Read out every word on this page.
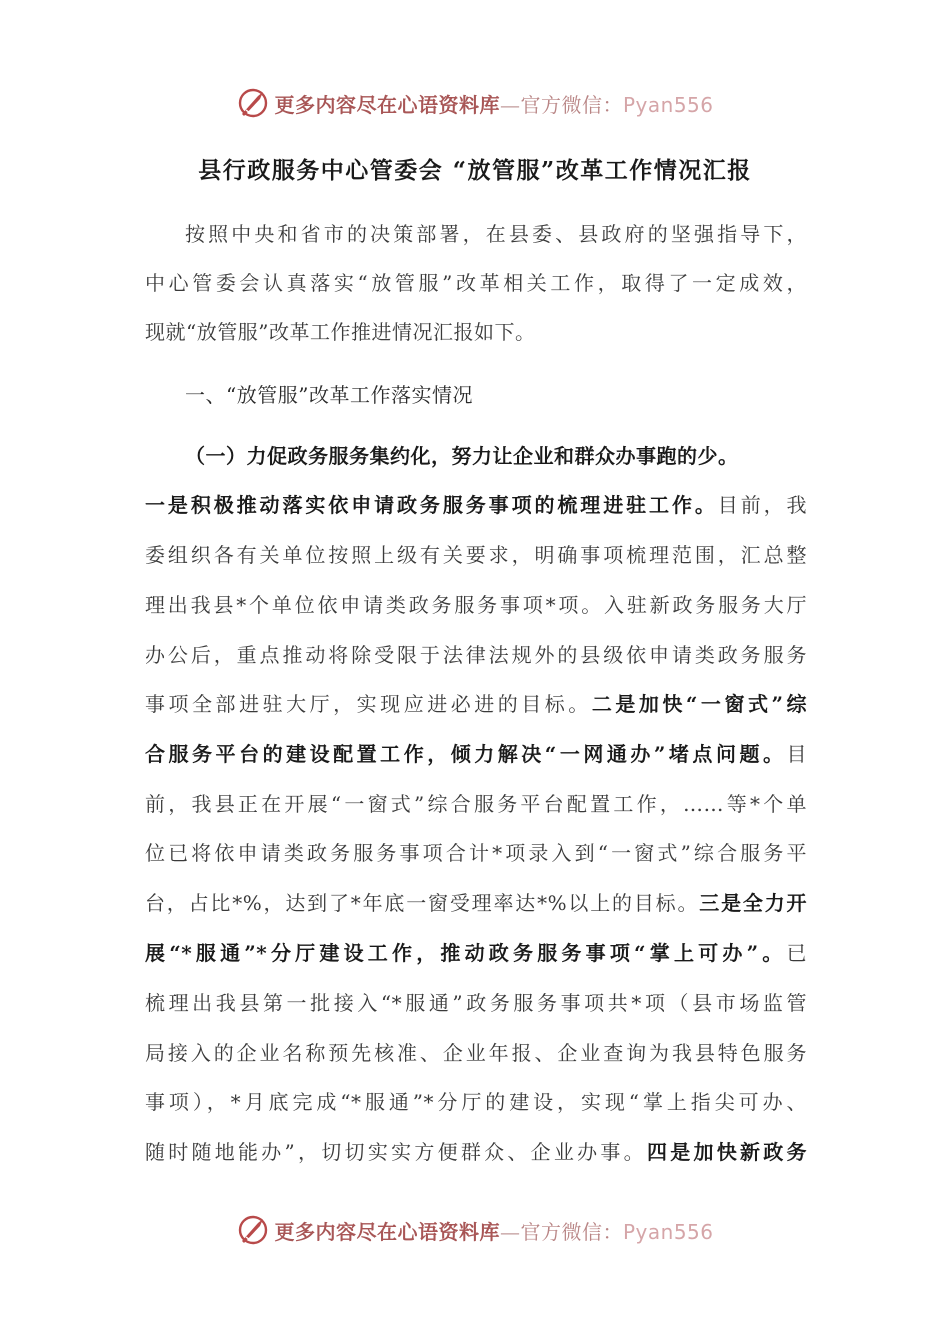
更多内容尽在心语资料库—官方微信：Pyan556
县行政服务中心管委会 “放管服”改革工作情况汇报
按照中央和省市的决策部署，在县委、县政府的坚强指导下，
中心管委会认真落实“放管服”改革相关工作，取得了一定成效，
现就“放管服”改革工作推进情况汇报如下。
一、“放管服”改革工作落实情况
（一）力促政务服务集约化，努力让企业和群众办事跑的少。
一是积极推动落实依申请政务服务事项的梳理进驻工作。目前，我
委组织各有关单位按照上级有关要求，明确事项梳理范围，汇总整
理出我县*个单位依申请类政务服务事项*项。入驻新政务服务大厅
办公后，重点推动将除受限于法律法规外的县级依申请类政务服务
事项全部进驻大厅，实现应进必进的目标。二是加快“一窗式”综
合服务平台的建设配置工作，倾力解决“一网通办”堵点问题。目
前，我县正在开展“一窗式”综合服务平台配置工作，……等*个单
位已将依申请类政务服务事项合计*项录入到“一窗式”综合服务平
台，占比*%，达到了*年底一窗受理率达*%以上的目标。三是全力开
展“*服通”*分厅建设工作，推动政务服务事项“掌上可办”。已
梳理出我县第一批接入“*服通”政务服务事项共*项（县市场监管
局接入的企业名称预先核准、企业年报、企业查询为我县特色服务
事项），*月底完成“*服通”*分厅的建设，实现“掌上指尖可办、
随时随地能办”，切切实实方便群众、企业办事。四是加快新政务
更多内容尽在心语资料库—官方微信：Pyan556
